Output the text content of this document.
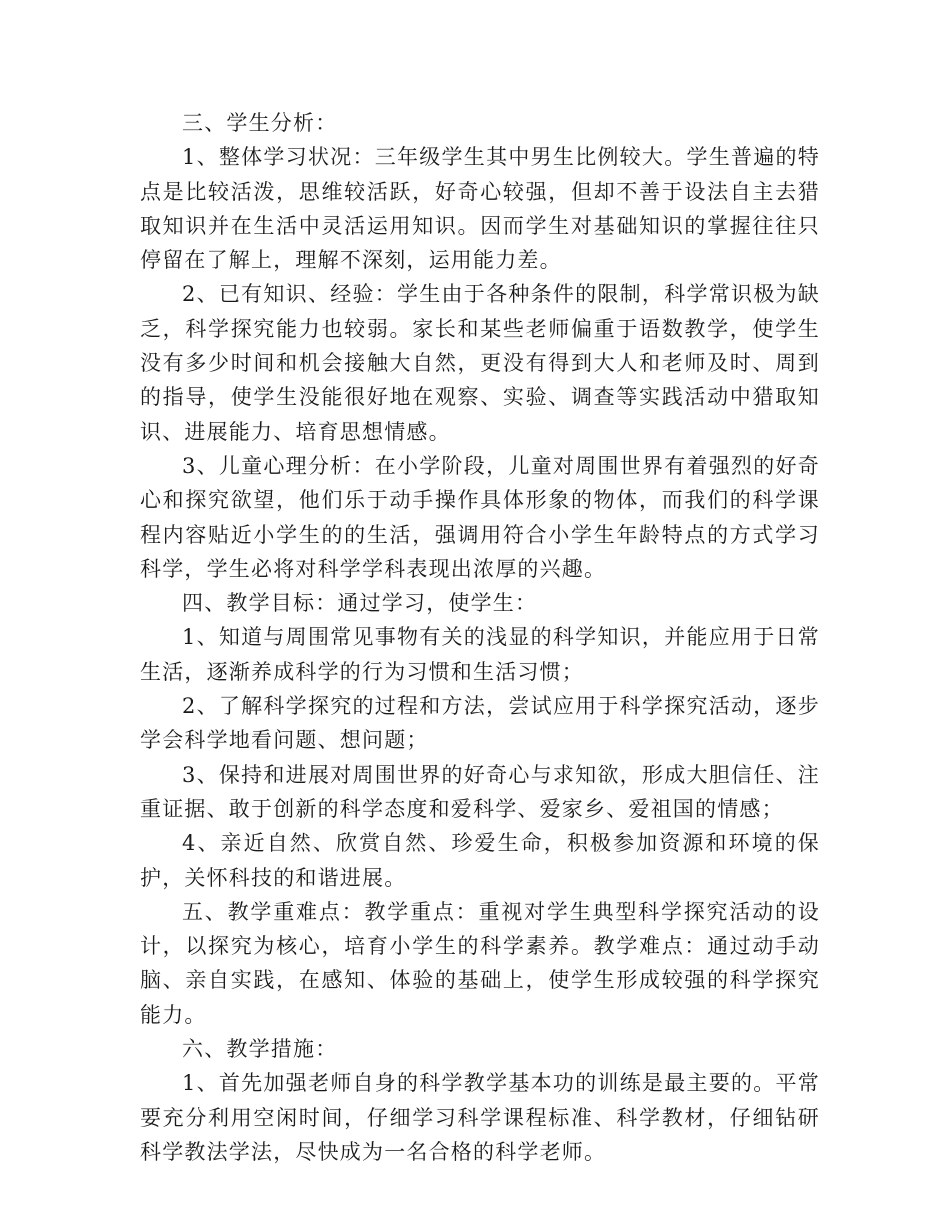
三、学生分析：

1、整体学习状况：三年级学生其中男生比例较大。学生普遍的特点是比较活泼，思维较活跃，好奇心较强，但却不善于设法自主去猎取知识并在生活中灵活运用知识。因而学生对基础知识的掌握往往只停留在了解上，理解不深刻，运用能力差。

2、已有知识、经验：学生由于各种条件的限制，科学常识极为缺乏，科学探究能力也较弱。家长和某些老师偏重于语数教学，使学生没有多少时间和机会接触大自然，更没有得到大人和老师及时、周到的指导，使学生没能很好地在观察、实验、调查等实践活动中猎取知识、进展能力、培育思想情感。

3、儿童心理分析：在小学阶段，儿童对周围世界有着强烈的好奇心和探究欲望，他们乐于动手操作具体形象的物体，而我们的科学课程内容贴近小学生的的生活，强调用符合小学生年龄特点的方式学习科学，学生必将对科学学科表现出浓厚的兴趣。

四、教学目标：通过学习，使学生：

1、知道与周围常见事物有关的浅显的科学知识，并能应用于日常生活，逐渐养成科学的行为习惯和生活习惯；

2、了解科学探究的过程和方法，尝试应用于科学探究活动，逐步学会科学地看问题、想问题；

3、保持和进展对周围世界的好奇心与求知欲，形成大胆信任、注重证据、敢于创新的科学态度和爱科学、爱家乡、爱祖国的情感；

4、亲近自然、欣赏自然、珍爱生命，积极参加资源和环境的保护，关怀科技的和谐进展。

五、教学重难点：教学重点：重视对学生典型科学探究活动的设计，以探究为核心，培育小学生的科学素养。教学难点：通过动手动脑、亲自实践，在感知、体验的基础上，使学生形成较强的科学探究能力。

六、教学措施：

1、首先加强老师自身的科学教学基本功的训练是最主要的。平常要充分利用空闲时间，仔细学习科学课程标准、科学教材，仔细钻研科学教法学法，尽快成为一名合格的科学老师。
